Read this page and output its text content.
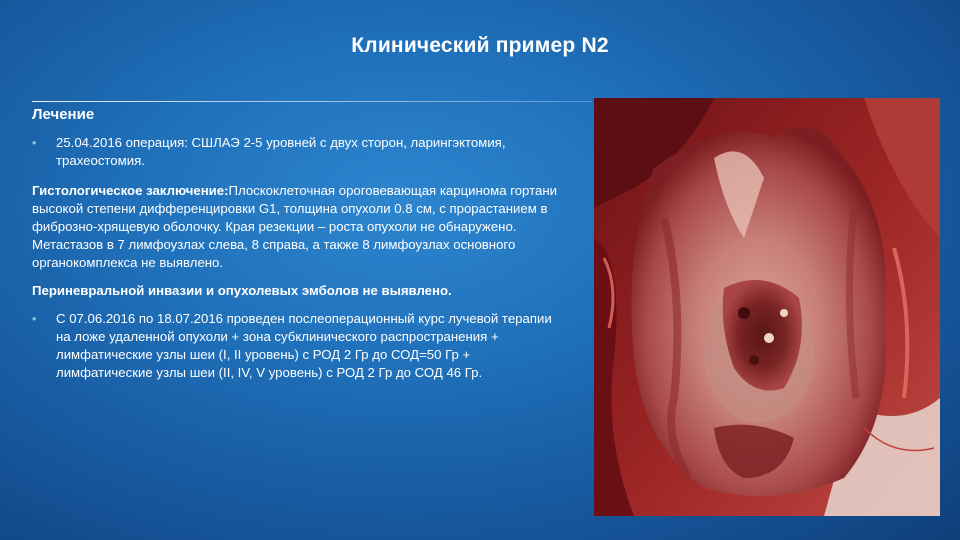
Клинический пример N2
Лечение
• 25.04.2016 операция: СШЛАЭ 2-5 уровней с двух сторон, ларингэктомия, трахеостомия.
Гистологическое заключение:Плоскоклеточная ороговевающая карцинома гортани высокой степени дифференцировки G1, толщина опухоли 0.8 см, с прорастанием в фиброзно-хрящевую оболочку. Края резекции – роста опухоли не обнаружено. Метастазов в 7 лимфоузлах слева, 8 справа, а также 8 лимфоузлах основного органокомплекса не выявлено.
Периневральной инвазии и опухолевых эмболов не выявлено.
• С 07.06.2016 по 18.07.2016 проведен послеоперационный курс лучевой терапии на ложе удаленной опухоли + зона субклинического распространения + лимфатические узлы шеи (I, II уровень) с РОД 2 Гр до СОД=50 Гр + лимфатические узлы шеи (II, IV, V уровень) с РОД 2 Гр до СОД 46 Гр.
